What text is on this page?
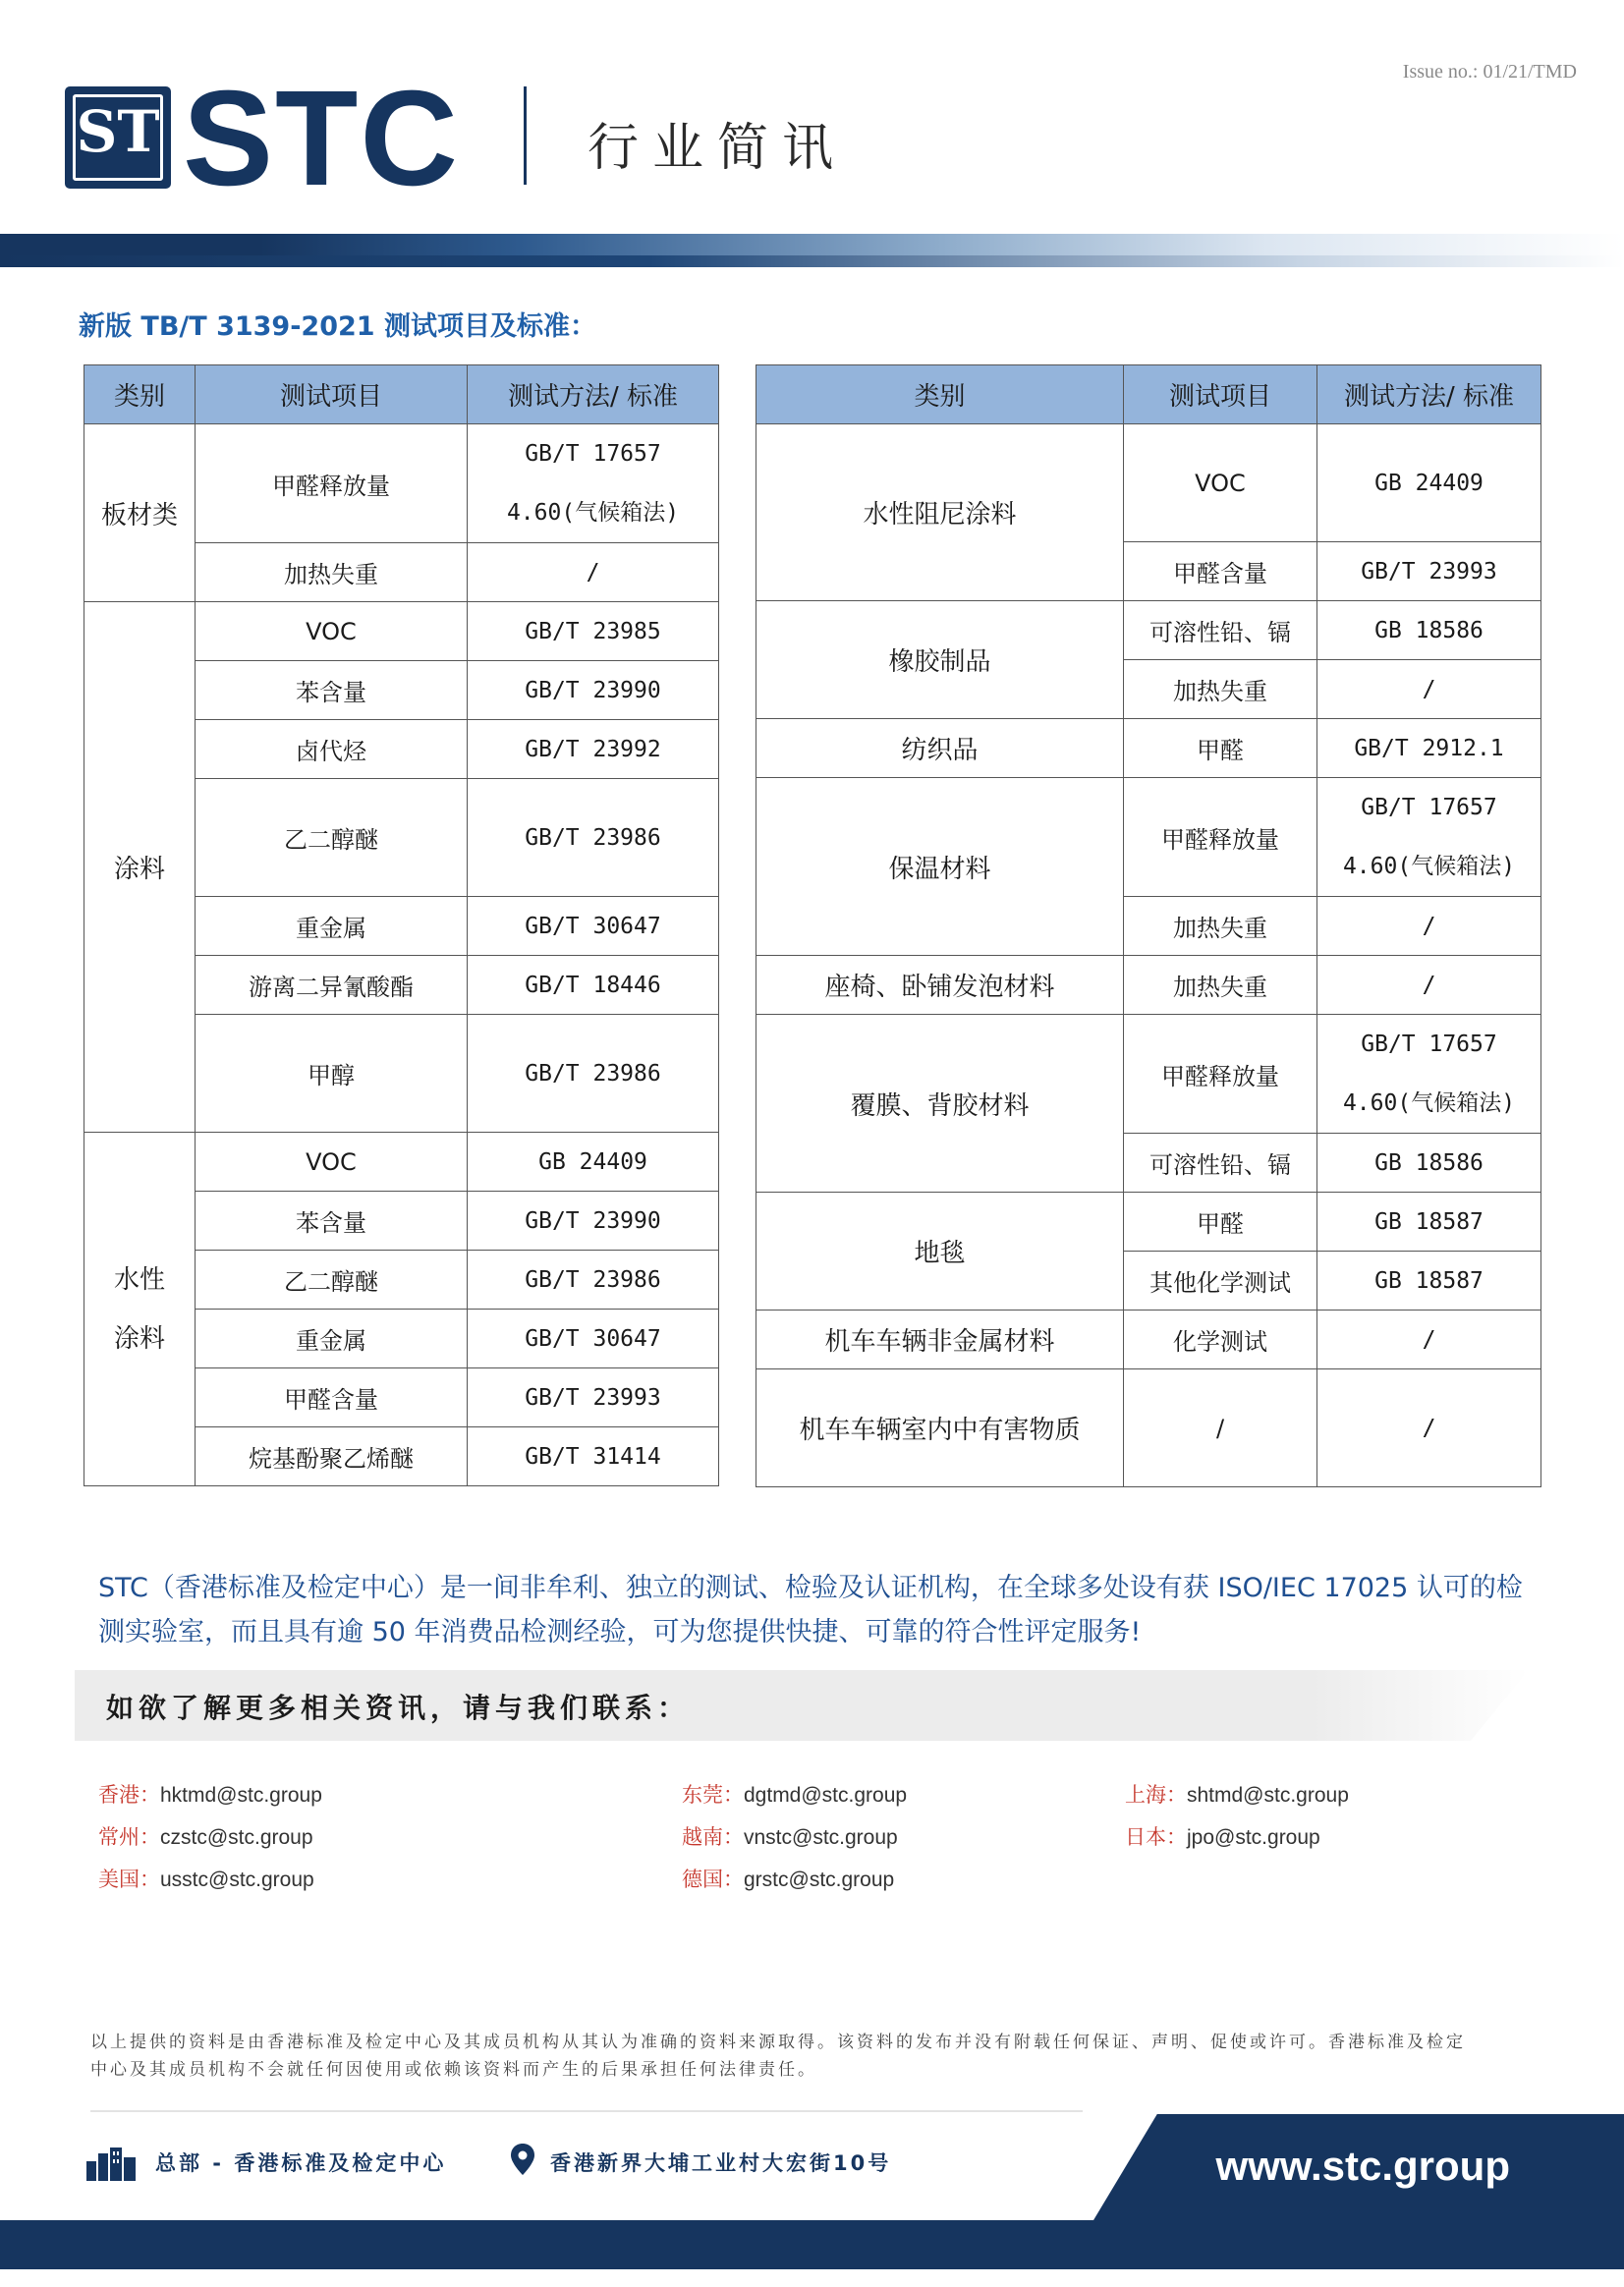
Issue no.: 01/21/TMD
ST STC	行业简讯
新版 TB/T 3139-2021 测试项目及标准：
类别	测试项目	测试方法/ 标准
板材类	甲醛释放量	GB/T 17657
4.60(气候箱法)

	加热失重	/
涂料	VOC	GB/T 23985
	苯含量	GB/T 23990
	卤代烃	GB/T 23992
	乙二醇醚	GB/T 23986
	重金属	GB/T 30647
	游离二异氰酸酯	GB/T 18446
	甲醇	GB/T 23986

水性
涂料	VOC	GB 24409
	苯含量	GB/T 23990
	乙二醇醚	GB/T 23986
	重金属	GB/T 30647
	甲醛含量	GB/T 23993
	烷基酚聚乙烯醚	GB/T 31414
类别	测试项目	测试方法/ 标准
水性阻尼涂料	VOC	GB 24409
	甲醛含量	GB/T 23993
橡胶制品	可溶性铅、镉	GB 18586
	加热失重	/
纺织品	甲醛	GB/T 2912.1
保温材料	甲醛释放量	GB/T 17657
4.60(气候箱法)

	加热失重	/
座椅、卧铺发泡材料	加热失重	/
覆膜、背胶材料	甲醛释放量	GB/T 17657
4.60(气候箱法)

	可溶性铅、镉	GB 18586
地毯	甲醛	GB 18587
	其他化学测试	GB 18587
机车车辆非金属材料	化学测试	/
机车车辆室内中有害物质	/	/
STC（香港标准及检定中心）是一间非牟利、独立的测试、检验及认证机构，在全球多处设有获 ISO/IEC 17025 认可的检测实验室，而且具有逾 50 年消费品检测经验，可为您提供快捷、可靠的符合性评定服务!
如欲了解更多相关资讯，请与我们联系：
香港：hktmd@stc.group
常州：czstc@stc.group
美国：usstc@stc.group
东莞：dgtmd@stc.group
越南：vnstc@stc.group
德国：grstc@stc.group
上海：shtmd@stc.group
日本：jpo@stc.group
以上提供的资料是由香港标准及检定中心及其成员机构从其认为准确的资料来源取得。该资料的发布并没有附载任何保证、声明、促使或许可。香港标准及检定中心及其成员机构不会就任何因使用或依赖该资料而产生的后果承担任何法律责任。
总部 - 香港标准及检定中心	香港新界大埔工业村大宏街10号	www.stc.group
